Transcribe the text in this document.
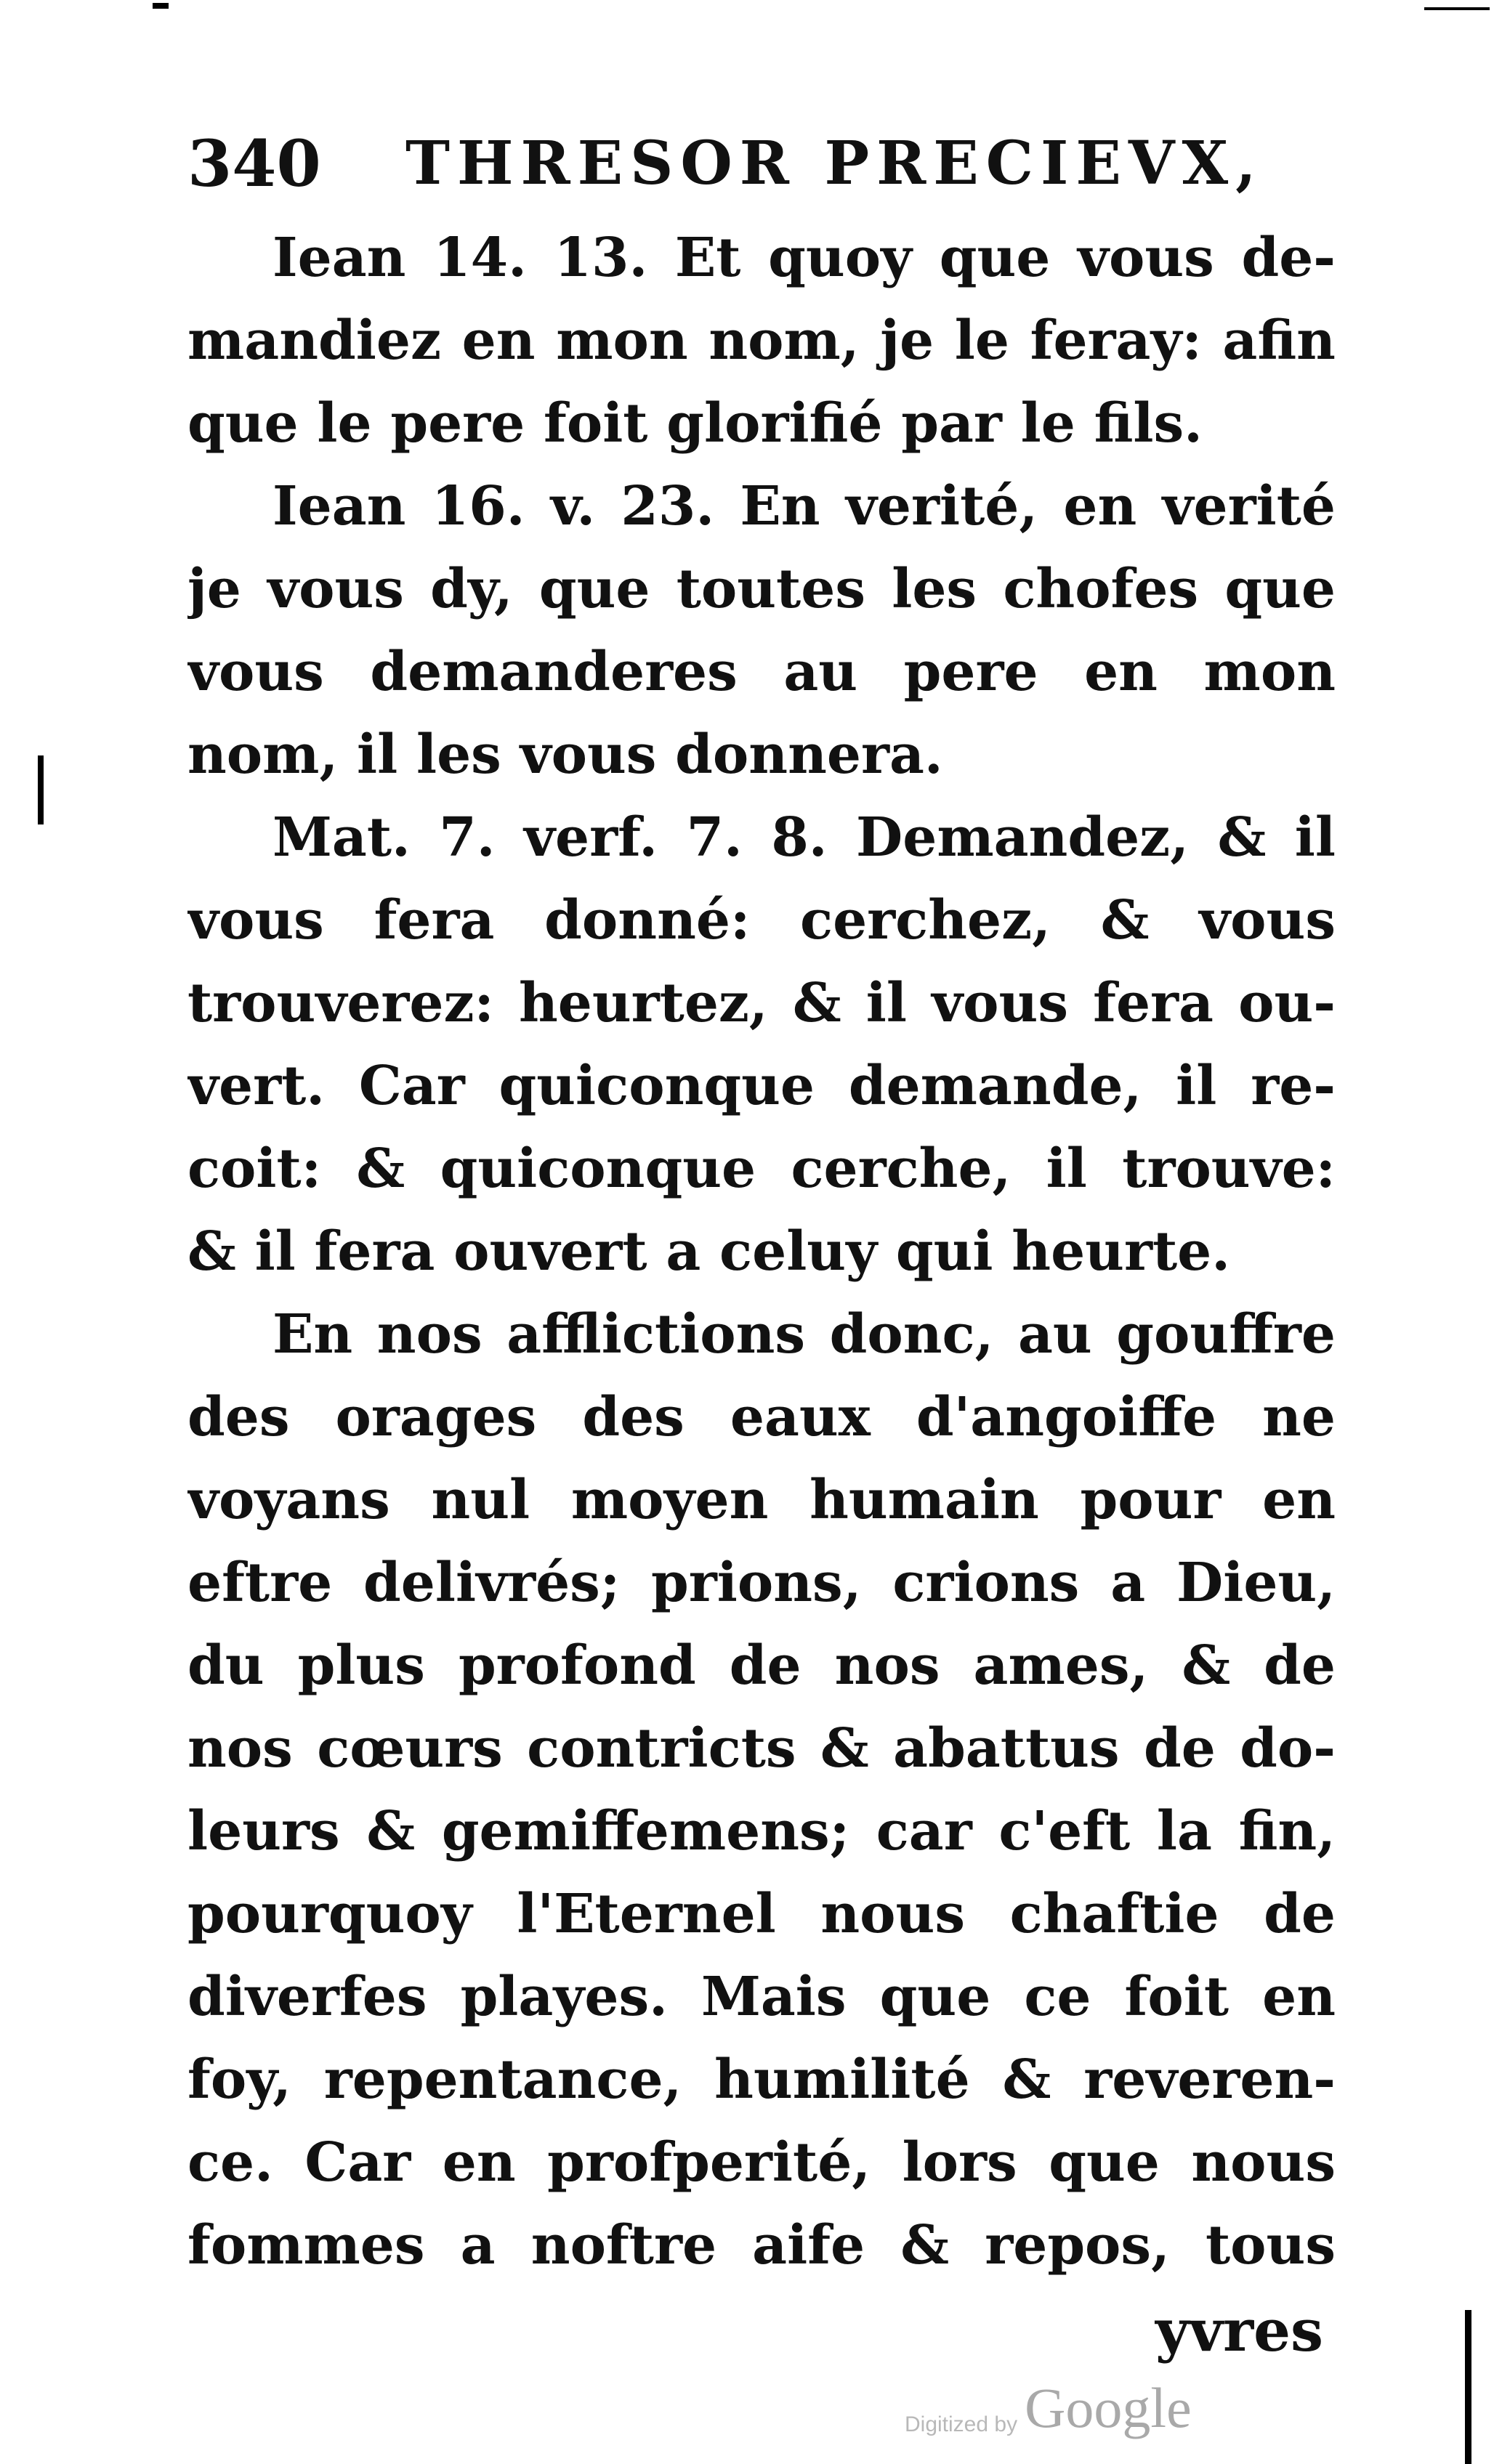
340 THRESOR PRECIEVX,
Iean 14. 13. Et quoy que vous de-
mandiez en mon nom, je le feray: afin
que le pere foit glorifié par le fils.
Iean 16. v. 23. En verité, en verité
je vous dy, que toutes les chofes que
vous demanderes au pere en mon
nom, il les vous donnera.
Mat. 7. verf. 7. 8. Demandez, & il
vous fera donné: cerchez, & vous
trouverez: heurtez, & il vous fera ou-
vert. Car quiconque demande, il re-
coit: & quiconque cerche, il trouve:
& il fera ouvert a celuy qui heurte.
En nos afflictions donc, au gouffre
des orages des eaux d'angoiffe ne
voyans nul moyen humain pour en
eftre delivrés; prions, crions a Dieu,
du plus profond de nos ames, & de
nos cœurs contricts & abattus de do-
leurs & gemiffemens; car c'eft la fin,
pourquoy l'Eternel nous chaftie de
diverfes playes. Mais que ce foit en
foy, repentance, humilité & reveren-
ce. Car en profperité, lors que nous
fommes a noftre aife & repos, tous
yvres
Digitized by Google
